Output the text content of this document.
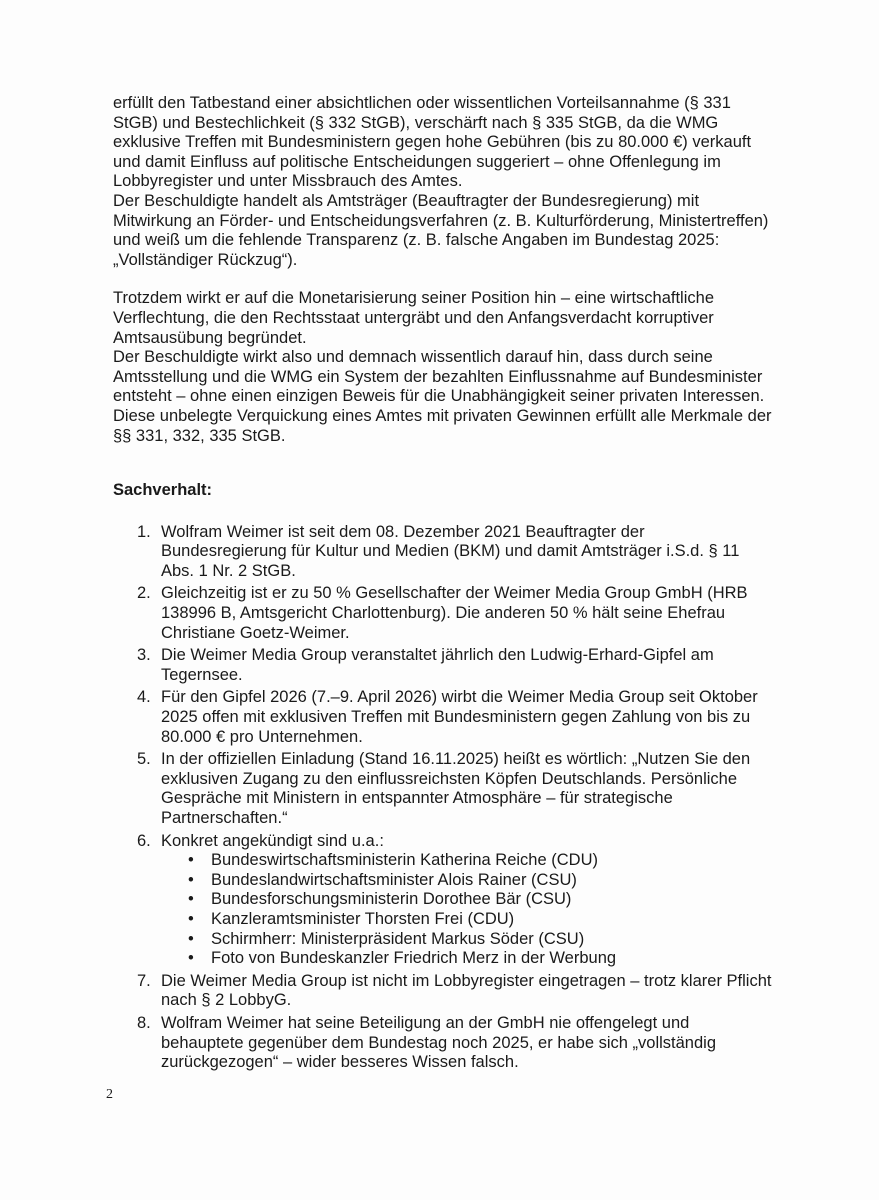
erfüllt den Tatbestand einer absichtlichen oder wissentlichen Vorteilsannahme (§ 331 StGB) und Bestechlichkeit (§ 332 StGB), verschärft nach § 335 StGB, da die WMG exklusive Treffen mit Bundesministern gegen hohe Gebühren (bis zu 80.000 €) verkauft und damit Einfluss auf politische Entscheidungen suggeriert – ohne Offenlegung im Lobbyregister und unter Missbrauch des Amtes.

Der Beschuldigte handelt als Amtsträger (Beauftragter der Bundesregierung) mit Mitwirkung an Förder- und Entscheidungsverfahren (z. B. Kulturförderung, Ministertreffen) und weiß um die fehlende Transparenz (z. B. falsche Angaben im Bundestag 2025: „Vollständiger Rückzug“).

Trotzdem wirkt er auf die Monetarisierung seiner Position hin – eine wirtschaftliche Verflechtung, die den Rechtsstaat untergräbt und den Anfangsverdacht korruptiver Amtsausübung begründet.

Der Beschuldigte wirkt also und demnach wissentlich darauf hin, dass durch seine Amtsstellung und die WMG ein System der bezahlten Einflussnahme auf Bundesminister entsteht – ohne einen einzigen Beweis für die Unabhängigkeit seiner privaten Interessen.

Diese unbelegte Verquickung eines Amtes mit privaten Gewinnen erfüllt alle Merkmale der §§ 331, 332, 335 StGB.

Sachverhalt:
1. Wolfram Weimer ist seit dem 08. Dezember 2021 Beauftragter der Bundesregierung für Kultur und Medien (BKM) und damit Amtsträger i.S.d. § 11 Abs. 1 Nr. 2 StGB.
2. Gleichzeitig ist er zu 50 % Gesellschafter der Weimer Media Group GmbH (HRB 138996 B, Amtsgericht Charlottenburg). Die anderen 50 % hält seine Ehefrau Christiane Goetz-Weimer.
3. Die Weimer Media Group veranstaltet jährlich den Ludwig-Erhard-Gipfel am Tegernsee.
4. Für den Gipfel 2026 (7.–9. April 2026) wirbt die Weimer Media Group seit Oktober 2025 offen mit exklusiven Treffen mit Bundesministern gegen Zahlung von bis zu 80.000 € pro Unternehmen.
5. In der offiziellen Einladung (Stand 16.11.2025) heißt es wörtlich: „Nutzen Sie den exklusiven Zugang zu den einflussreichsten Köpfen Deutschlands. Persönliche Gespräche mit Ministern in entspannter Atmosphäre – für strategische Partnerschaften.“
6. Konkret angekündigt sind u.a.:
• Bundeswirtschaftsministerin Katherina Reiche (CDU)
• Bundeslandwirtschaftsminister Alois Rainer (CSU)
• Bundesforschungsministerin Dorothee Bär (CSU)
• Kanzleramtsminister Thorsten Frei (CDU)
• Schirmherr: Ministerpräsident Markus Söder (CSU)
• Foto von Bundeskanzler Friedrich Merz in der Werbung
7. Die Weimer Media Group ist nicht im Lobbyregister eingetragen – trotz klarer Pflicht nach § 2 LobbyG.
8. Wolfram Weimer hat seine Beteiligung an der GmbH nie offengelegt und behauptete gegenüber dem Bundestag noch 2025, er habe sich „vollständig zurückgezogen“ – wider besseres Wissen falsch.
2
